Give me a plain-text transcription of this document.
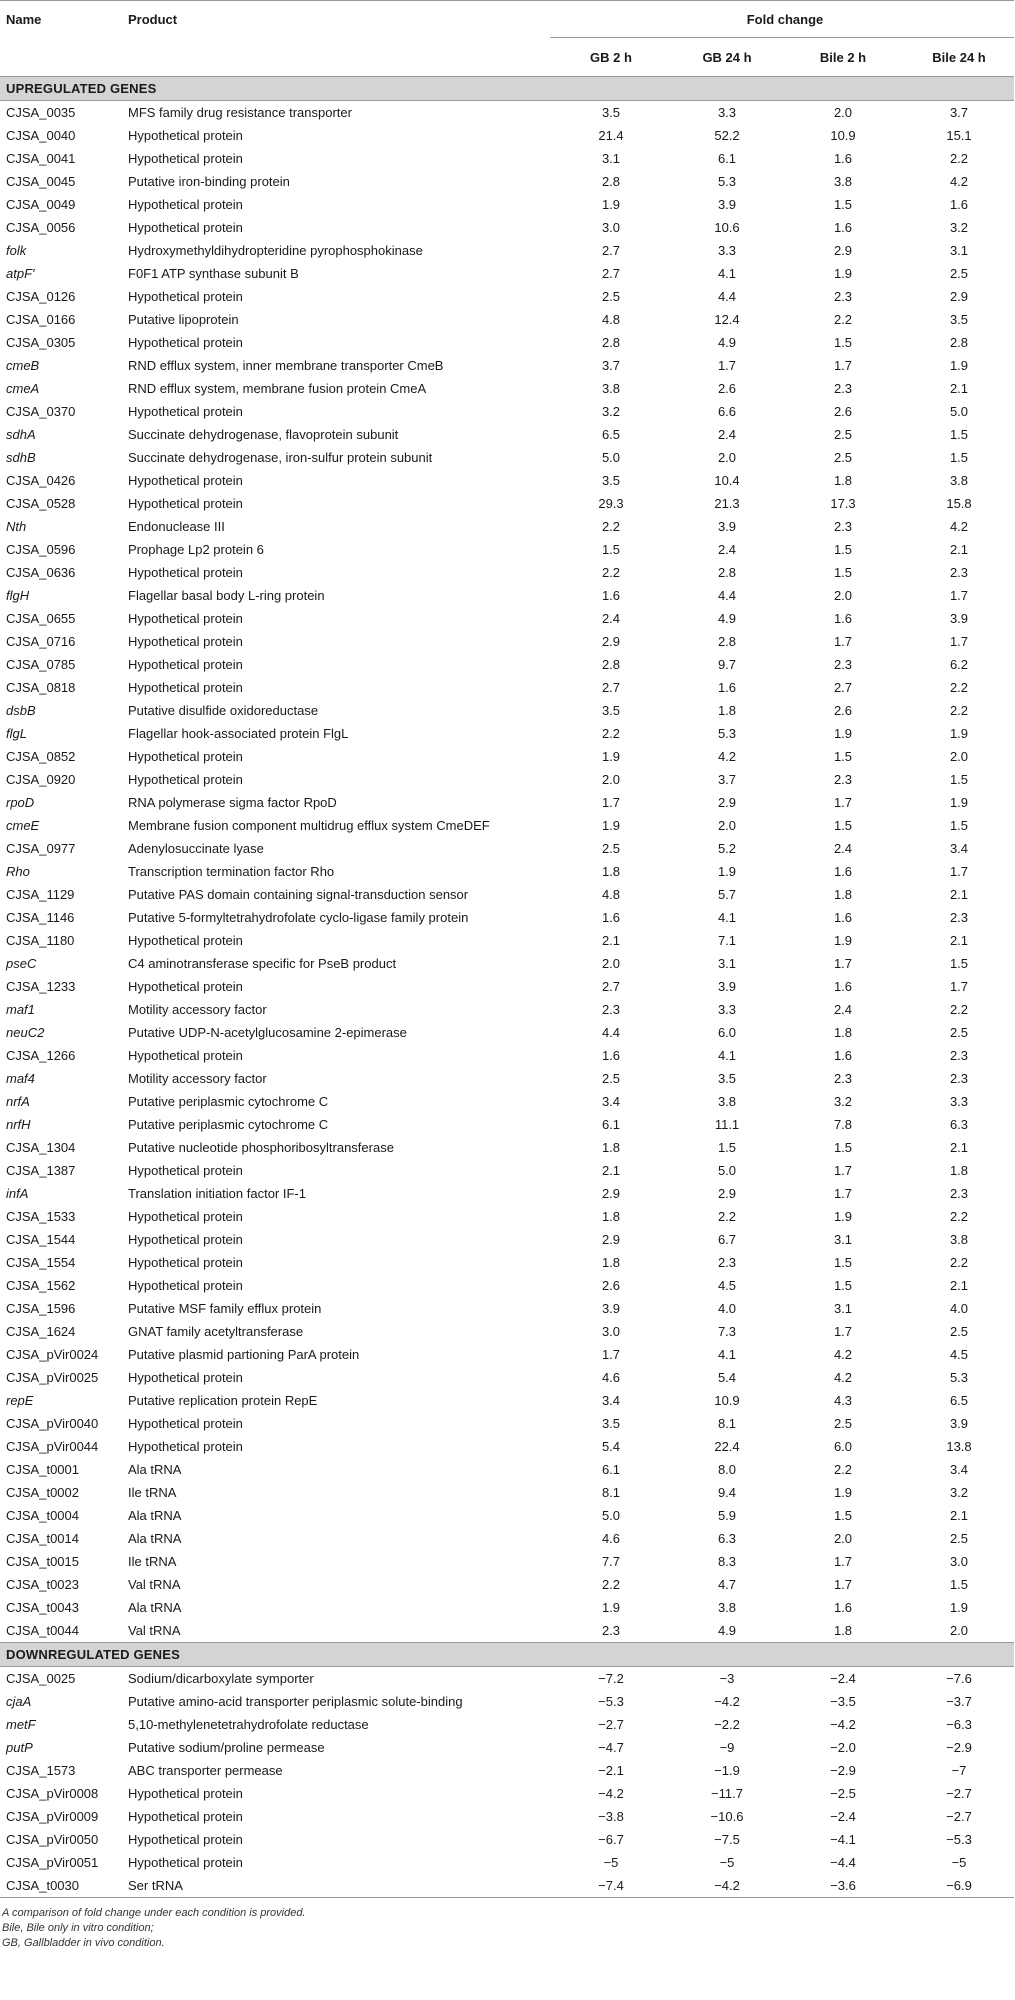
Name	Product	Fold change			
		GB 2 h	GB 24 h	Bile 2 h	Bile 24 h
UPREGULATED GENES					
CJSA_0035	MFS family drug resistance transporter	3.5	3.3	2.0	3.7
CJSA_0040	Hypothetical protein	21.4	52.2	10.9	15.1
CJSA_0041	Hypothetical protein	3.1	6.1	1.6	2.2
CJSA_0045	Putative iron-binding protein	2.8	5.3	3.8	4.2
CJSA_0049	Hypothetical protein	1.9	3.9	1.5	1.6
CJSA_0056	Hypothetical protein	3.0	10.6	1.6	3.2
folk	Hydroxymethyldihydropteridine pyrophosphokinase	2.7	3.3	2.9	3.1
atpF'	F0F1 ATP synthase subunit B	2.7	4.1	1.9	2.5
CJSA_0126	Hypothetical protein	2.5	4.4	2.3	2.9
CJSA_0166	Putative lipoprotein	4.8	12.4	2.2	3.5
CJSA_0305	Hypothetical protein	2.8	4.9	1.5	2.8
cmeB	RND efflux system, inner membrane transporter CmeB	3.7	1.7	1.7	1.9
cmeA	RND efflux system, membrane fusion protein CmeA	3.8	2.6	2.3	2.1
CJSA_0370	Hypothetical protein	3.2	6.6	2.6	5.0
sdhA	Succinate dehydrogenase, flavoprotein subunit	6.5	2.4	2.5	1.5
sdhB	Succinate dehydrogenase, iron-sulfur protein subunit	5.0	2.0	2.5	1.5
CJSA_0426	Hypothetical protein	3.5	10.4	1.8	3.8
CJSA_0528	Hypothetical protein	29.3	21.3	17.3	15.8
Nth	Endonuclease III	2.2	3.9	2.3	4.2
CJSA_0596	Prophage Lp2 protein 6	1.5	2.4	1.5	2.1
CJSA_0636	Hypothetical protein	2.2	2.8	1.5	2.3
flgH	Flagellar basal body L-ring protein	1.6	4.4	2.0	1.7
CJSA_0655	Hypothetical protein	2.4	4.9	1.6	3.9
CJSA_0716	Hypothetical protein	2.9	2.8	1.7	1.7
CJSA_0785	Hypothetical protein	2.8	9.7	2.3	6.2
CJSA_0818	Hypothetical protein	2.7	1.6	2.7	2.2
dsbB	Putative disulfide oxidoreductase	3.5	1.8	2.6	2.2
flgL	Flagellar hook-associated protein FlgL	2.2	5.3	1.9	1.9
CJSA_0852	Hypothetical protein	1.9	4.2	1.5	2.0
CJSA_0920	Hypothetical protein	2.0	3.7	2.3	1.5
rpoD	RNA polymerase sigma factor RpoD	1.7	2.9	1.7	1.9
cmeE	Membrane fusion component multidrug efflux system CmeDEF	1.9	2.0	1.5	1.5
CJSA_0977	Adenylosuccinate lyase	2.5	5.2	2.4	3.4
Rho	Transcription termination factor Rho	1.8	1.9	1.6	1.7
CJSA_1129	Putative PAS domain containing signal-transduction sensor	4.8	5.7	1.8	2.1
CJSA_1146	Putative 5-formyltetrahydrofolate cyclo-ligase family protein	1.6	4.1	1.6	2.3
CJSA_1180	Hypothetical protein	2.1	7.1	1.9	2.1
pseC	C4 aminotransferase specific for PseB product	2.0	3.1	1.7	1.5
CJSA_1233	Hypothetical protein	2.7	3.9	1.6	1.7
maf1	Motility accessory factor	2.3	3.3	2.4	2.2
neuC2	Putative UDP-N-acetylglucosamine 2-epimerase	4.4	6.0	1.8	2.5
CJSA_1266	Hypothetical protein	1.6	4.1	1.6	2.3
maf4	Motility accessory factor	2.5	3.5	2.3	2.3
nrfA	Putative periplasmic cytochrome C	3.4	3.8	3.2	3.3
nrfH	Putative periplasmic cytochrome C	6.1	11.1	7.8	6.3
CJSA_1304	Putative nucleotide phosphoribosyltransferase	1.8	1.5	1.5	2.1
CJSA_1387	Hypothetical protein	2.1	5.0	1.7	1.8
infA	Translation initiation factor IF-1	2.9	2.9	1.7	2.3
CJSA_1533	Hypothetical protein	1.8	2.2	1.9	2.2
CJSA_1544	Hypothetical protein	2.9	6.7	3.1	3.8
CJSA_1554	Hypothetical protein	1.8	2.3	1.5	2.2
CJSA_1562	Hypothetical protein	2.6	4.5	1.5	2.1
CJSA_1596	Putative MSF family efflux protein	3.9	4.0	3.1	4.0
CJSA_1624	GNAT family acetyltransferase	3.0	7.3	1.7	2.5
CJSA_pVir0024	Putative plasmid partioning ParA protein	1.7	4.1	4.2	4.5
CJSA_pVir0025	Hypothetical protein	4.6	5.4	4.2	5.3
repE	Putative replication protein RepE	3.4	10.9	4.3	6.5
CJSA_pVir0040	Hypothetical protein	3.5	8.1	2.5	3.9
CJSA_pVir0044	Hypothetical protein	5.4	22.4	6.0	13.8
CJSA_t0001	Ala tRNA	6.1	8.0	2.2	3.4
CJSA_t0002	Ile tRNA	8.1	9.4	1.9	3.2
CJSA_t0004	Ala tRNA	5.0	5.9	1.5	2.1
CJSA_t0014	Ala tRNA	4.6	6.3	2.0	2.5
CJSA_t0015	Ile tRNA	7.7	8.3	1.7	3.0
CJSA_t0023	Val tRNA	2.2	4.7	1.7	1.5
CJSA_t0043	Ala tRNA	1.9	3.8	1.6	1.9
CJSA_t0044	Val tRNA	2.3	4.9	1.8	2.0
DOWNREGULATED GENES					
CJSA_0025	Sodium/dicarboxylate symporter	−7.2	−3	−2.4	−7.6
cjaA	Putative amino-acid transporter periplasmic solute-binding	−5.3	−4.2	−3.5	−3.7
metF	5,10-methylenetetrahydrofolate reductase	−2.7	−2.2	−4.2	−6.3
putP	Putative sodium/proline permease	−4.7	−9	−2.0	−2.9
CJSA_1573	ABC transporter permease	−2.1	−1.9	−2.9	−7
CJSA_pVir0008	Hypothetical protein	−4.2	−11.7	−2.5	−2.7
CJSA_pVir0009	Hypothetical protein	−3.8	−10.6	−2.4	−2.7
CJSA_pVir0050	Hypothetical protein	−6.7	−7.5	−4.1	−5.3
CJSA_pVir0051	Hypothetical protein	−5	−5	−4.4	−5
CJSA_t0030	Ser tRNA	−7.4	−4.2	−3.6	−6.9
A comparison of fold change under each condition is provided.
Bile, Bile only in vitro condition;
GB, Gallbladder in vivo condition.
